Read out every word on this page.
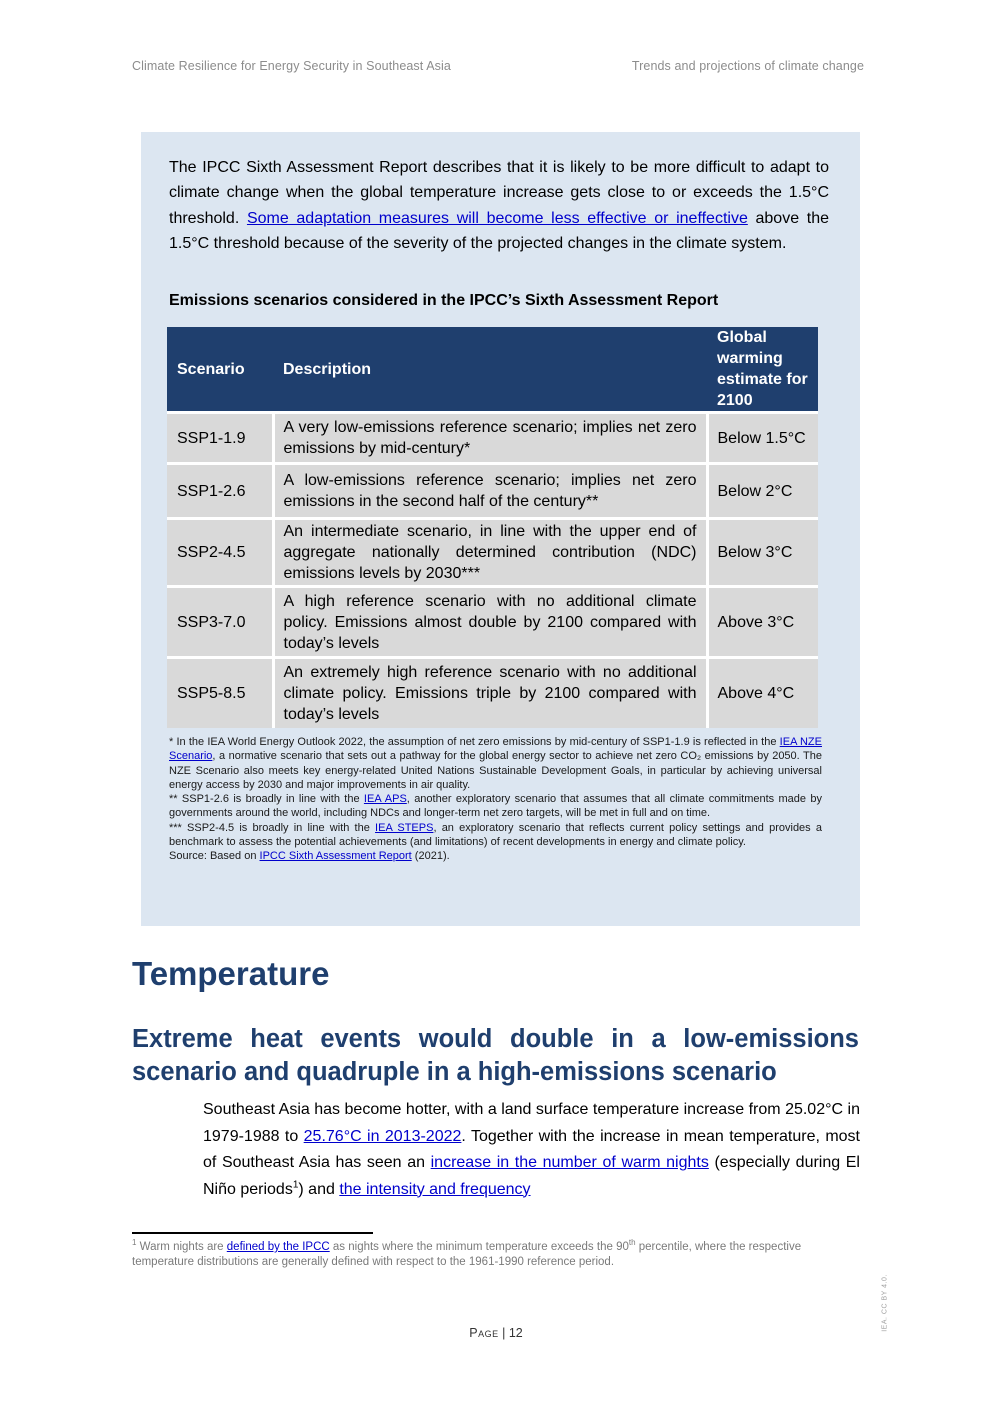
Climate Resilience for Energy Security in Southeast Asia	Trends and projections of climate change
The IPCC Sixth Assessment Report describes that it is likely to be more difficult to adapt to climate change when the global temperature increase gets close to or exceeds the 1.5°C threshold. Some adaptation measures will become less effective or ineffective above the 1.5°C threshold because of the severity of the projected changes in the climate system.
Emissions scenarios considered in the IPCC’s Sixth Assessment Report
Scenario	Description	Global warming estimate for 2100
SSP1-1.9	A very low-emissions reference scenario; implies net zero emissions by mid-century*	Below 1.5°C
SSP1-2.6	A low-emissions reference scenario; implies net zero emissions in the second half of the century**	Below 2°C
SSP2-4.5	An intermediate scenario, in line with the upper end of aggregate nationally determined contribution (NDC) emissions levels by 2030***	Below 3°C
SSP3-7.0	A high reference scenario with no additional climate policy. Emissions almost double by 2100 compared with today’s levels	Above 3°C
SSP5-8.5	An extremely high reference scenario with no additional climate policy. Emissions triple by 2100 compared with today’s levels	Above 4°C

* In the IEA World Energy Outlook 2022, the assumption of net zero emissions by mid-century of SSP1-1.9 is reflected in the IEA NZE Scenario, a normative scenario that sets out a pathway for the global energy sector to achieve net zero CO₂ emissions by 2050. The NZE Scenario also meets key energy-related United Nations Sustainable Development Goals, in particular by achieving universal energy access by 2030 and major improvements in air quality.

** SSP1-2.6 is broadly in line with the IEA APS, another exploratory scenario that assumes that all climate commitments made by governments around the world, including NDCs and longer-term net zero targets, will be met in full and on time.

*** SSP2-4.5 is broadly in line with the IEA STEPS, an exploratory scenario that reflects current policy settings and provides a benchmark to assess the potential achievements (and limitations) of recent developments in energy and climate policy.

Source: Based on IPCC Sixth Assessment Report (2021).

Temperature
Extreme heat events would double in a low-emissions scenario and quadruple in a high-emissions scenario
Southeast Asia has become hotter, with a land surface temperature increase from 25.02°C in 1979-1988 to 25.76°C in 2013-2022. Together with the increase in mean temperature, most of Southeast Asia has seen an increase in the number of warm nights (especially during El Niño periods$^1$) and the intensity and frequency
$^1$ Warm nights are defined by the IPCC as nights where the minimum temperature exceeds the 90th percentile, where the respective temperature distributions are generally defined with respect to the 1961-1990 reference period.
Page | 12
IEA. CC BY 4.0.
